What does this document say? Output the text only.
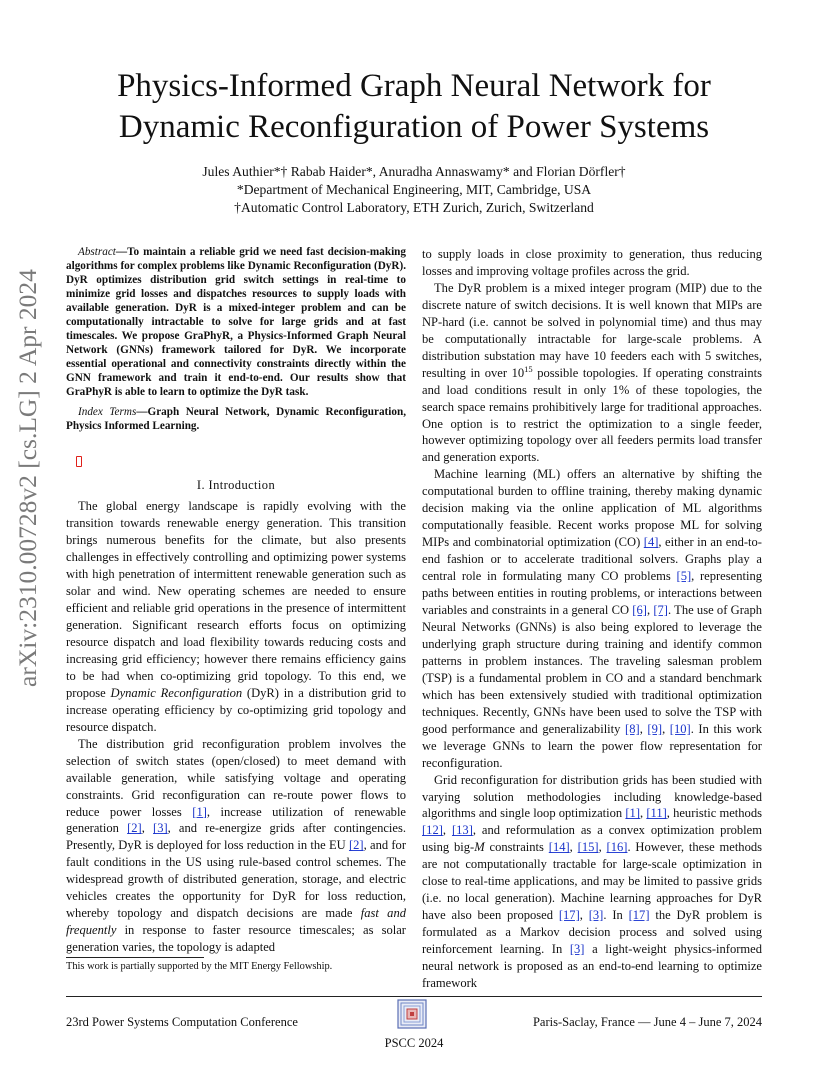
Physics-Informed Graph Neural Network for
Dynamic Reconfiguration of Power Systems
Jules Authier*† Rabab Haider*, Anuradha Annaswamy* and Florian Dörfler†
*Department of Mechanical Engineering, MIT, Cambridge, USA
†Automatic Control Laboratory, ETH Zurich, Zurich, Switzerland
arXiv:2310.00728v2 [cs.LG] 2 Apr 2024

Abstract—To maintain a reliable grid we need fast decision-making algorithms for complex problems like Dynamic Reconfiguration (DyR). DyR optimizes distribution grid switch settings in real-time to minimize grid losses and dispatches resources to supply loads with available generation. DyR is a mixed-integer problem and can be computationally intractable to solve for large grids and at fast timescales. We propose GraPhyR, a Physics-Informed Graph Neural Network (GNNs) framework tailored for DyR. We incorporate essential operational and connectivity constraints directly within the GNN framework and train it end-to-end. Our results show that GraPhyR is able to learn to optimize the DyR task.

Index Terms—Graph Neural Network, Dynamic Reconfiguration, Physics Informed Learning.

I. Introduction

The global energy landscape is rapidly evolving with the transition towards renewable energy generation. This transition brings numerous benefits for the climate, but also presents challenges in effectively controlling and optimizing power systems with high penetration of intermittent renewable generation such as solar and wind. New operating schemes are needed to ensure efficient and reliable grid operations in the presence of intermittent generation. Significant research efforts focus on optimizing resource dispatch and load flexibility towards reducing costs and increasing grid efficiency; however there remains efficiency gains to be had when co-optimizing grid topology. To this end, we propose Dynamic Reconfiguration (DyR) in a distribution grid to increase operating efficiency by co-optimizing grid topology and resource dispatch.

The distribution grid reconfiguration problem involves the selection of switch states (open/closed) to meet demand with available generation, while satisfying voltage and operating constraints. Grid reconfiguration can re-route power flows to reduce power losses [1], increase utilization of renewable generation [2], [3], and re-energize grids after contingencies. Presently, DyR is deployed for loss reduction in the EU [2], and for fault conditions in the US using rule-based control schemes. The widespread growth of distributed generation, storage, and electric vehicles creates the opportunity for DyR for loss reduction, whereby topology and dispatch decisions are made fast and frequently in response to faster resource timescales; as solar generation varies, the topology is adapted

to supply loads in close proximity to generation, thus reducing losses and improving voltage profiles across the grid.

The DyR problem is a mixed integer program (MIP) due to the discrete nature of switch decisions. It is well known that MIPs are NP-hard (i.e. cannot be solved in polynomial time) and thus may be computationally intractable for large-scale problems. A distribution substation may have 10 feeders each with 5 switches, resulting in over $10^{15}$ possible topologies. If operating constraints and load conditions result in only 1% of these topologies, the search space remains prohibitively large for traditional approaches. One option is to restrict the optimization to a single feeder, however optimizing topology over all feeders permits load transfer and generation exports.

Machine learning (ML) offers an alternative by shifting the computational burden to offline training, thereby making dynamic decision making via the online application of ML algorithms computationally feasible. Recent works propose ML for solving MIPs and combinatorial optimization (CO) [4], either in an end-to-end fashion or to accelerate traditional solvers. Graphs play a central role in formulating many CO problems [5], representing paths between entities in routing problems, or interactions between variables and constraints in a general CO [6], [7]. The use of Graph Neural Networks (GNNs) is also being explored to leverage the underlying graph structure during training and identify common patterns in problem instances. The traveling salesman problem (TSP) is a fundamental problem in CO and a standard benchmark which has been extensively studied with traditional optimization techniques. Recently, GNNs have been used to solve the TSP with good performance and generalizability [8], [9], [10]. In this work we leverage GNNs to learn the power flow representation for reconfiguration.

Grid reconfiguration for distribution grids has been studied with varying solution methodologies including knowledge-based algorithms and single loop optimization [1], [11], heuristic methods [12], [13], and reformulation as a convex optimization problem using big-M constraints [14], [15], [16]. However, these methods are not computationally tractable for large-scale optimization in close to real-time applications, and may be limited to passive grids (i.e. no local generation). Machine learning approaches for DyR have also been proposed [17], [3]. In [17] the DyR problem is formulated as a Markov decision process and solved using reinforcement learning. In [3] a light-weight physics-informed neural network is proposed as an end-to-end learning to optimize framework

This work is partially supported by the MIT Energy Fellowship.
23rd Power Systems Computation Conference	Paris-Saclay, France — June 4 – June 7, 2024
PSCC 2024
